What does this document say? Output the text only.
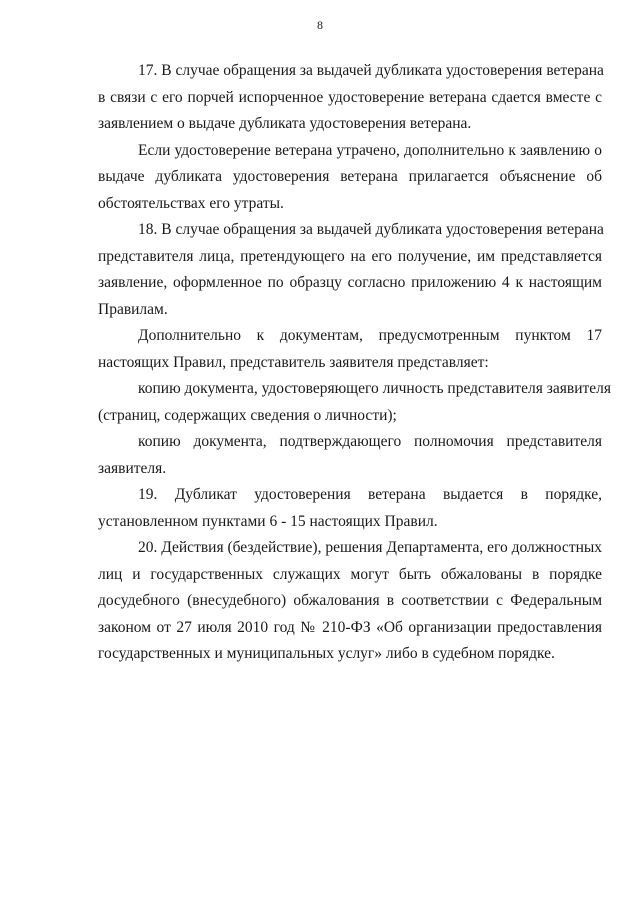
8
17. В случае обращения за выдачей дубликата удостоверения ветерана
в связи с его порчей испорченное удостоверение ветерана сдается вместе с
заявлением о выдаче дубликата удостоверения ветерана.
Если удостоверение ветерана утрачено, дополнительно к заявлению о
выдаче дубликата удостоверения ветерана прилагается объяснение об
обстоятельствах его утраты.
18. В случае обращения за выдачей дубликата удостоверения ветерана
представителя лица, претендующего на его получение, им представляется
заявление, оформленное по образцу согласно приложению 4 к настоящим
Правилам.
Дополнительно к документам, предусмотренным пунктом 17
настоящих Правил, представитель заявителя представляет:
копию документа, удостоверяющего личность представителя заявителя
(страниц, содержащих сведения о личности);
копию документа, подтверждающего полномочия представителя
заявителя.
19. Дубликат удостоверения ветерана выдается в порядке,
установленном пунктами 6 - 15 настоящих Правил.
20. Действия (бездействие), решения Департамента, его должностных
лиц и государственных служащих могут быть обжалованы в порядке
досудебного (внесудебного) обжалования в соответствии с Федеральным
законом от 27 июля 2010 год № 210-ФЗ «Об организации предоставления
государственных и муниципальных услуг» либо в судебном порядке.
